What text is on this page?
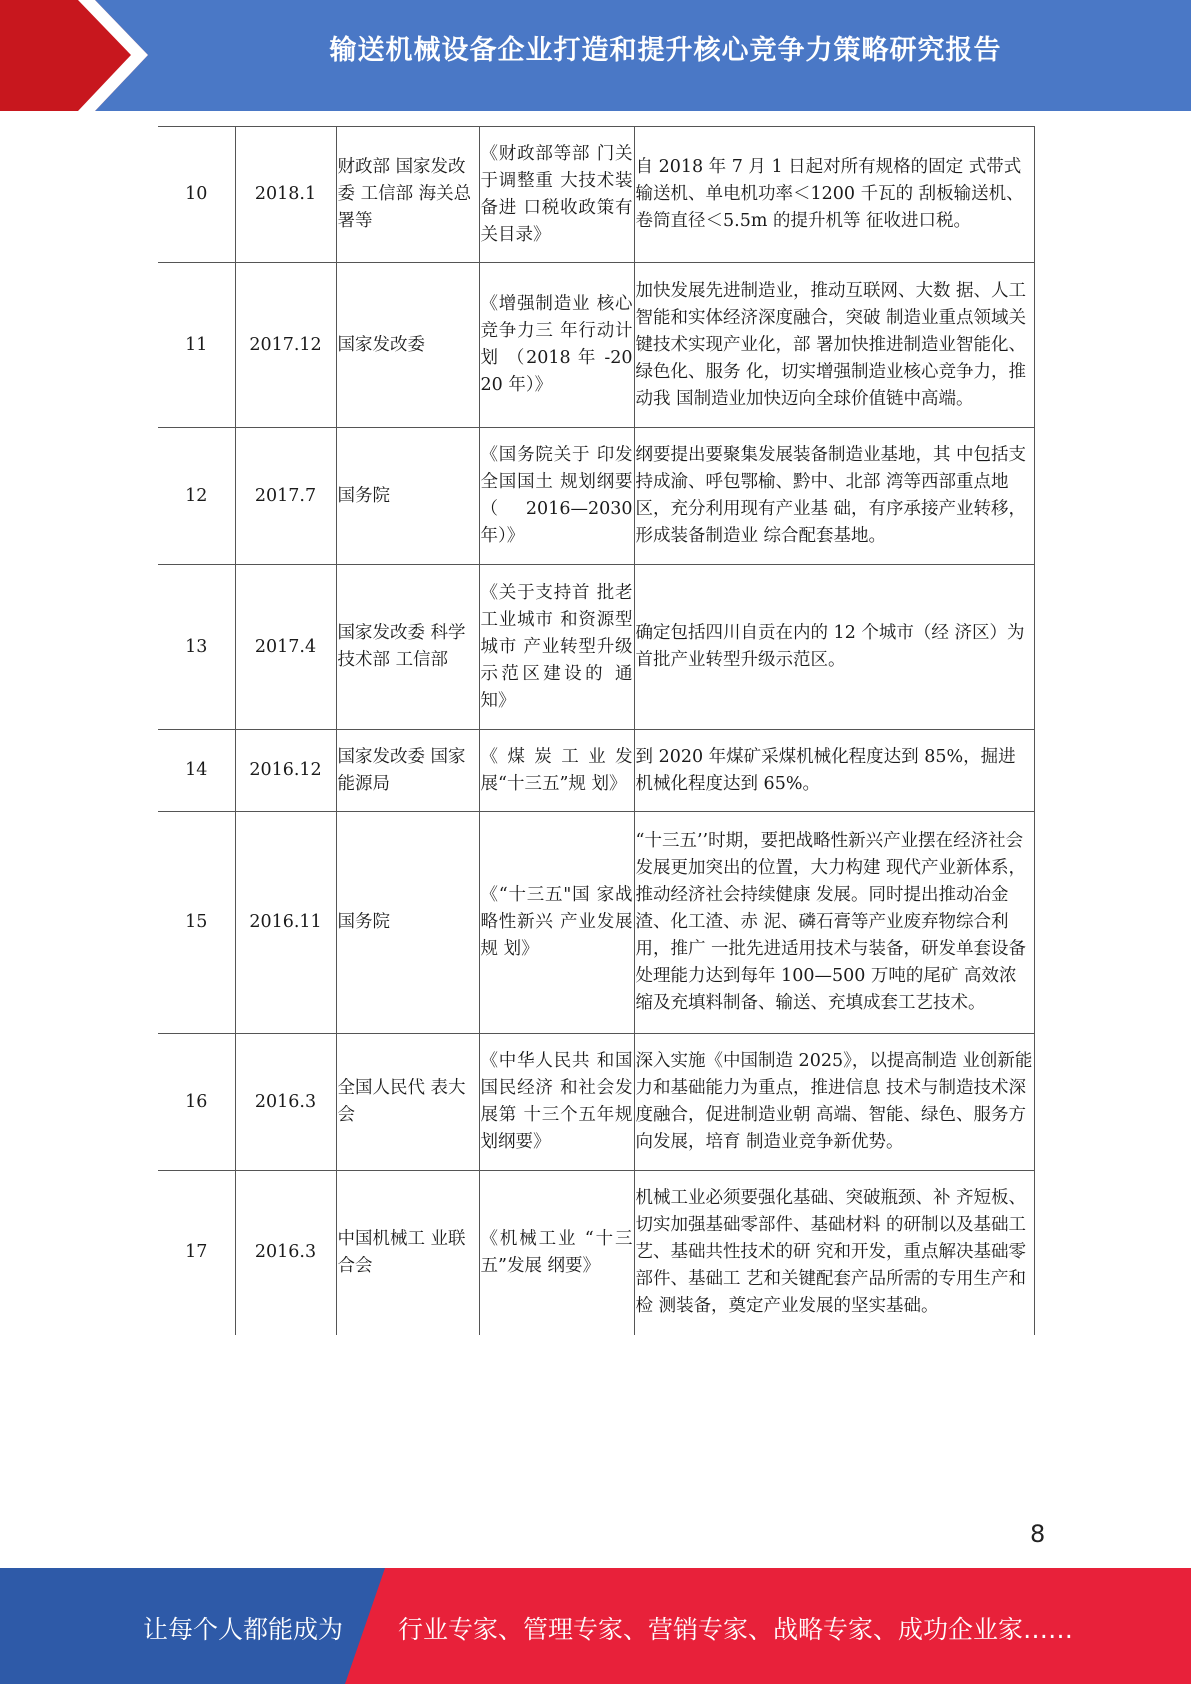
输送机械设备企业打造和提升核心竞争力策略研究报告
10	2018.1	财政部 国家发改委 工信部 海关总署等	《财政部等部 门关于调整重 大技术装备进 口税收政策有 关目录》	自 2018 年 7 月 1 日起对所有规格的固定 式带式输送机、单电机功率＜1200 千瓦的 刮板输送机、卷筒直径＜5.5m 的提升机等 征收进口税。
11	2017.12	国家发改委	《增强制造业 核心竞争力三 年行动计划 （2018 年 -2020 年）》	加快发展先进制造业，推动互联网、大数 据、人工智能和实体经济深度融合，突破 制造业重点领域关键技术实现产业化，部 署加快推进制造业智能化、绿色化、服务 化，切实增强制造业核心竞争力，推动我 国制造业加快迈向全球价值链中高端。
12	2017.7	国务院	《国务院关于 印发全国国土 规划纲要 （ 2016—2030 年）》	纲要提出要聚集发展装备制造业基地，其 中包括支持成渝、呼包鄂榆、黔中、北部 湾等西部重点地区，充分利用现有产业基 础，有序承接产业转移，形成装备制造业 综合配套基地。
13	2017.4	国家发改委 科学技术部 工信部	《关于支持首 批老工业城市 和资源型城市 产业转型升级 示范区建设的 通知》	确定包括四川自贡在内的 12 个城市（经 济区）为首批产业转型升级示范区。
14	2016.12	国家发改委 国家能源局	《煤炭工业发 展“十三五”规 划》	到 2020 年煤矿采煤机械化程度达到 85%，掘进机械化程度达到 65%。
15	2016.11	国务院	《“十三五"国 家战略性新兴 产业发展规 划》	“十三五’’时期，要把战略性新兴产业摆在经济社会发展更加突出的位置，大力构建 现代产业新体系，推动经济社会持续健康 发展。同时提出推动冶金渣、化工渣、赤 泥、磷石膏等产业废弃物综合利用，推广 一批先进适用技术与装备，研发单套设备 处理能力达到每年 100—500 万吨的尾矿 高效浓缩及充填料制备、输送、充填成套工艺技术。
16	2016.3	全国人民代 表大会	《中华人民共 和国国民经济 和社会发展第 十三个五年规 划纲要》	深入实施《中国制造 2025》，以提高制造 业创新能力和基础能力为重点，推进信息 技术与制造技术深度融合，促进制造业朝 高端、智能、绿色、服务方向发展，培育 制造业竞争新优势。
17	2016.3	中国机械工 业联合会	《机械工业 “十三五”发展 纲要》	机械工业必须要强化基础、突破瓶颈、补 齐短板、切实加强基础零部件、基础材料 的研制以及基础工艺、基础共性技术的研 究和开发，重点解决基础零部件、基础工 艺和关键配套产品所需的专用生产和检 测装备，奠定产业发展的坚实基础。
8
让每个人都能成为 行业专家、管理专家、营销专家、战略专家、成功企业家……
